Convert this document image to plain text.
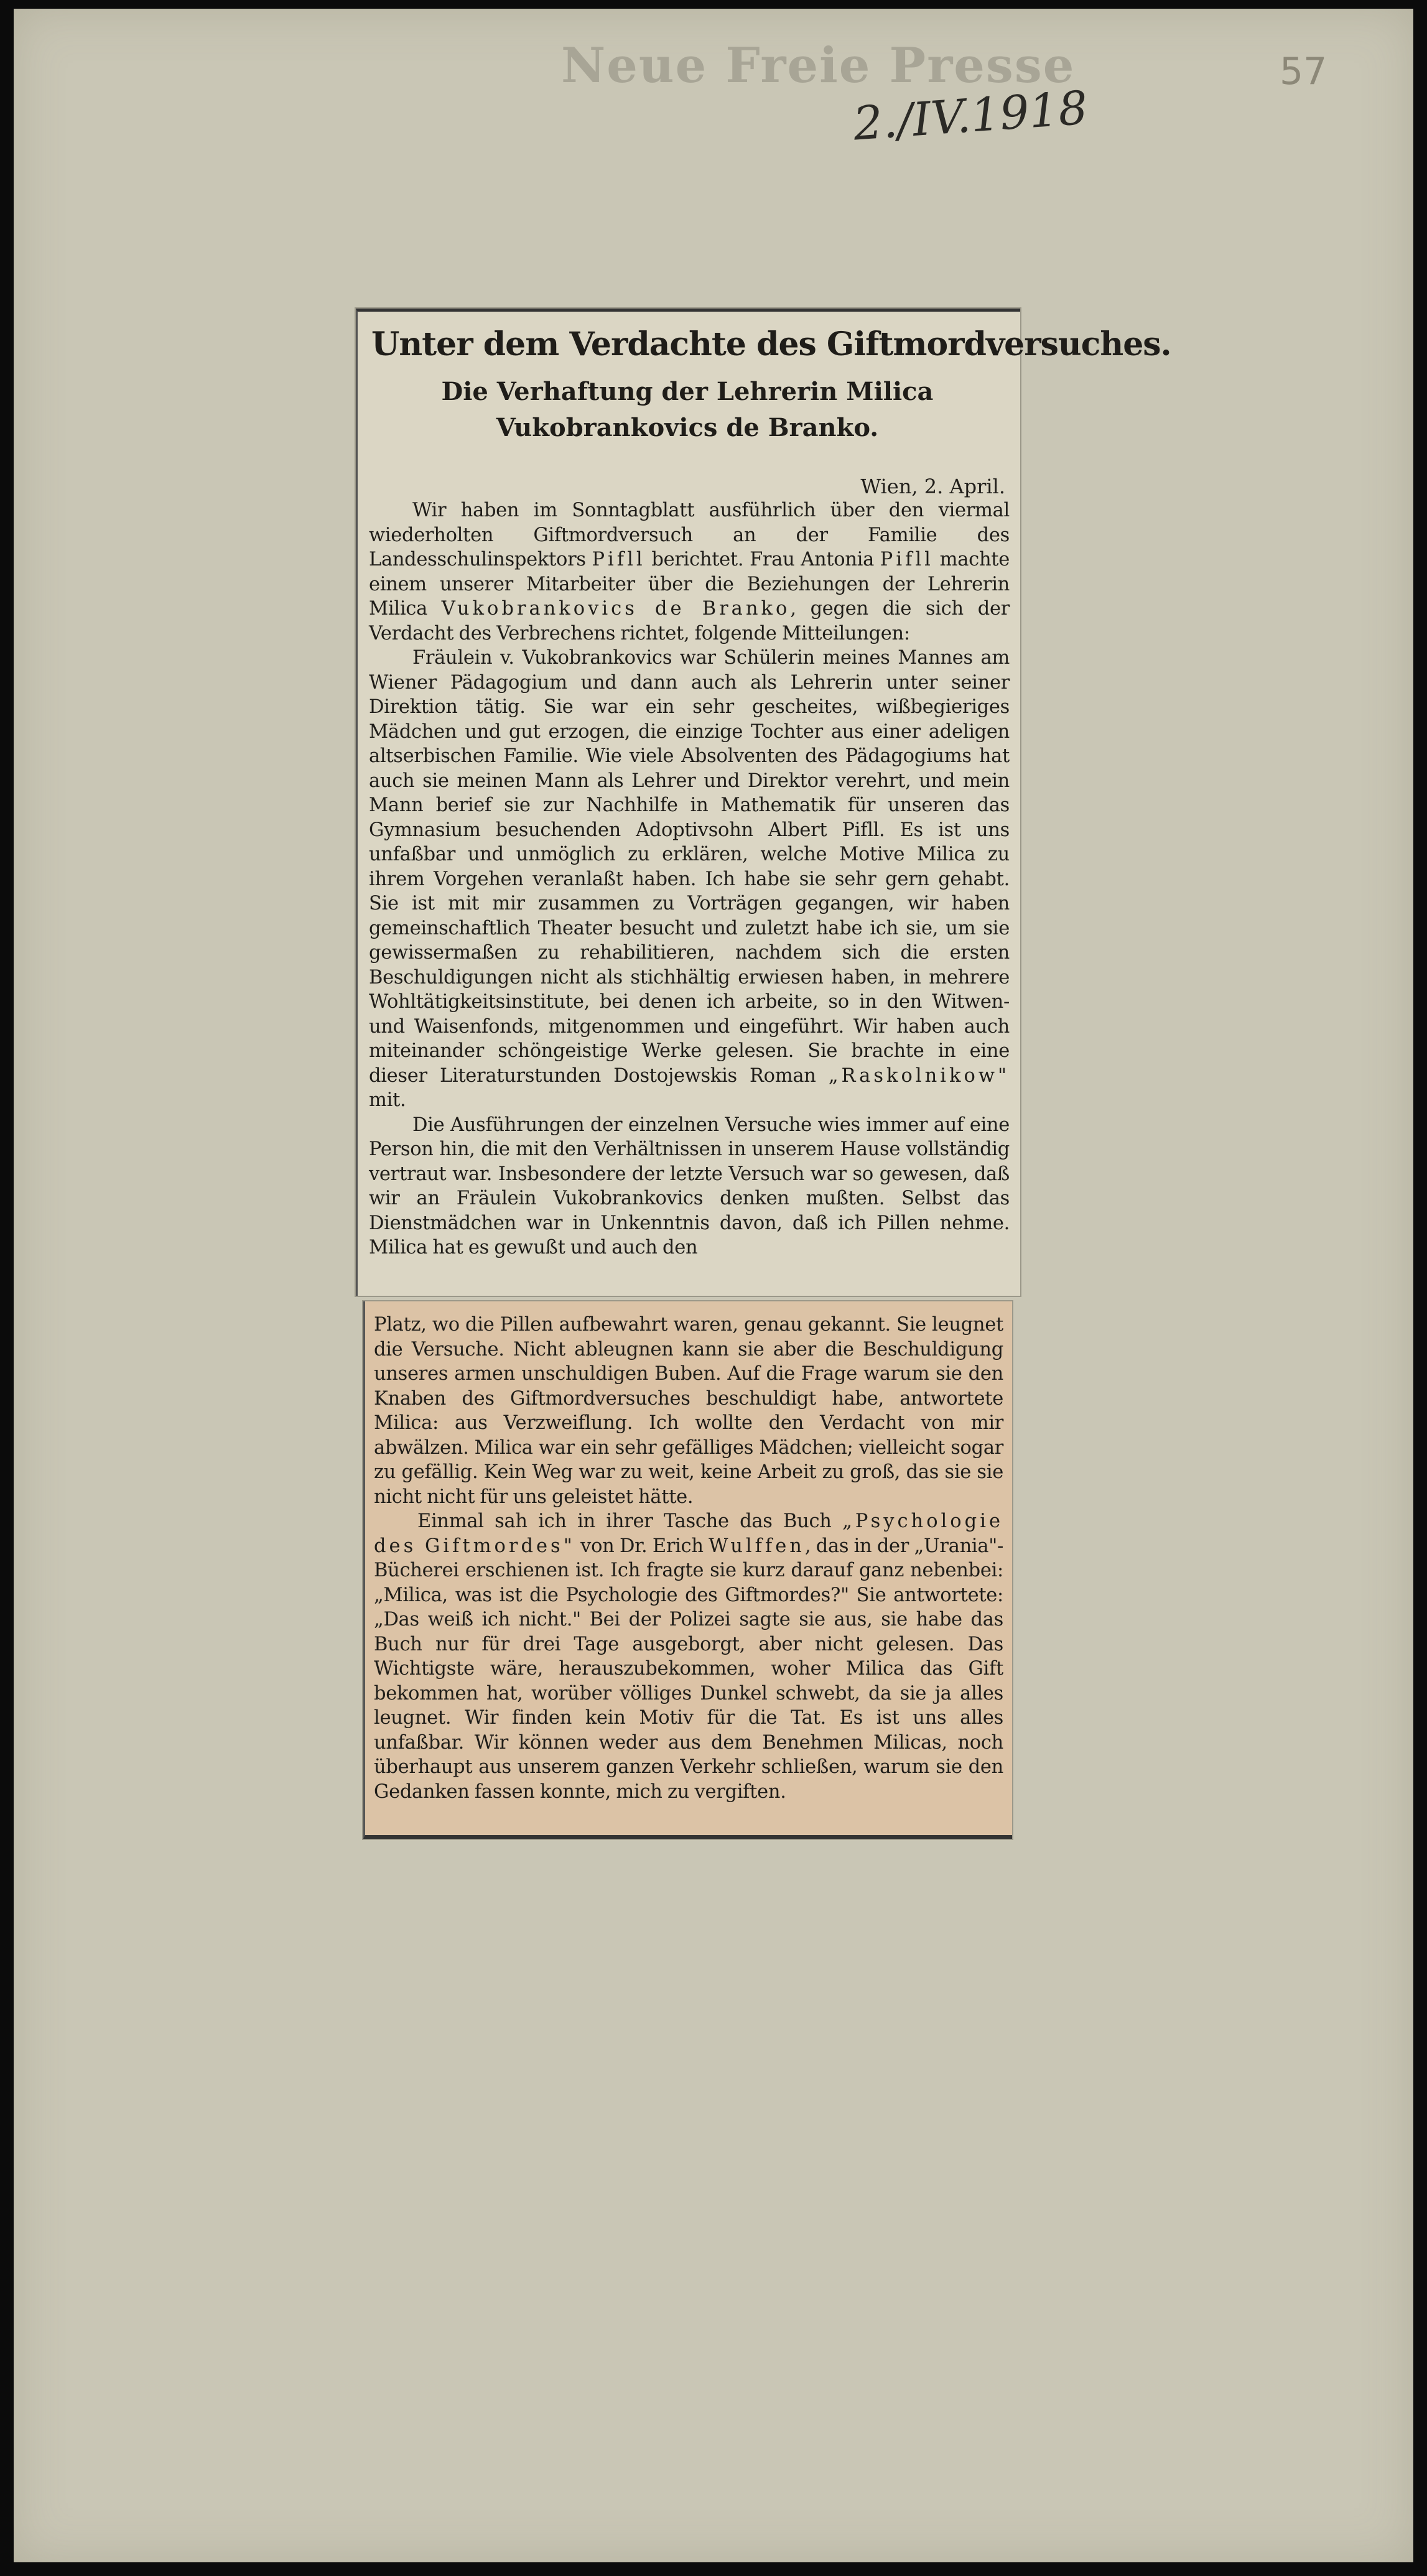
Neue Freie Presse	57
2./IV.1918
Unter dem Verdachte des Giftmordversuches.
Die Verhaftung der Lehrerin Milica Vukobrankovics de Branko.
Wien, 2. April.

Wir haben im Sonntagblatt ausführlich über den viermal wiederholten Giftmordversuch an der Familie des Landesschulinspektors Pifll berichtet. Frau Antonia Pifll machte einem unserer Mitarbeiter über die Beziehungen der Lehrerin Milica Vukobrankovics de Branko, gegen die sich der Verdacht des Verbrechens richtet, folgende Mitteilungen:

Fräulein v. Vukobrankovics war Schülerin meines Mannes am Wiener Pädagogium und dann auch als Lehrerin unter seiner Direktion tätig. Sie war ein sehr gescheites, wißbegieriges Mädchen und gut erzogen, die einzige Tochter aus einer adeligen altserbischen Familie. Wie viele Absolventen des Pädagogiums hat auch sie meinen Mann als Lehrer und Direktor verehrt, und mein Mann berief sie zur Nachhilfe in Mathematik für unseren das Gymnasium besuchenden Adoptivsohn Albert Pifll. Es ist uns unfaßbar und unmöglich zu erklären, welche Motive Milica zu ihrem Vorgehen veranlaßt haben. Ich habe sie sehr gern gehabt. Sie ist mit mir zusammen zu Vorträgen gegangen, wir haben gemeinschaftlich Theater besucht und zuletzt habe ich sie, um sie gewissermaßen zu rehabilitieren, nachdem sich die ersten Beschuldigungen nicht als stichhältig erwiesen haben, in mehrere Wohltätigkeitsinstitute, bei denen ich arbeite, so in den Witwen- und Waisenfonds, mitgenommen und eingeführt. Wir haben auch miteinander schöngeistige Werke gelesen. Sie brachte in eine dieser Literaturstunden Dostojewskis Roman „Raskolnikow" mit.

Die Ausführungen der einzelnen Versuche wies immer auf eine Person hin, die mit den Verhältnissen in unserem Hause vollständig vertraut war. Insbesondere der letzte Versuch war so gewesen, daß wir an Fräulein Vukobrankovics denken mußten. Selbst das Dienstmädchen war in Unkenntnis davon, daß ich Pillen nehme. Milica hat es gewußt und auch den

Platz, wo die Pillen aufbewahrt waren, genau gekannt. Sie leugnet die Versuche. Nicht ableugnen kann sie aber die Beschuldigung unseres armen unschuldigen Buben. Auf die Frage warum sie den Knaben des Giftmordversuches beschuldigt habe, antwortete Milica: aus Verzweiflung. Ich wollte den Verdacht von mir abwälzen. Milica war ein sehr gefälliges Mädchen; vielleicht sogar zu gefällig. Kein Weg war zu weit, keine Arbeit zu groß, das sie sie nicht nicht für uns geleistet hätte.

Einmal sah ich in ihrer Tasche das Buch „Psychologie des Giftmordes" von Dr. Erich Wulffen, das in der „Urania"-Bücherei erschienen ist. Ich fragte sie kurz darauf ganz nebenbei: „Milica, was ist die Psychologie des Giftmordes?" Sie antwortete: „Das weiß ich nicht." Bei der Polizei sagte sie aus, sie habe das Buch nur für drei Tage ausgeborgt, aber nicht gelesen. Das Wichtigste wäre, herauszubekommen, woher Milica das Gift bekommen hat, worüber völliges Dunkel schwebt, da sie ja alles leugnet. Wir finden kein Motiv für die Tat. Es ist uns alles unfaßbar. Wir können weder aus dem Benehmen Milicas, noch überhaupt aus unserem ganzen Verkehr schließen, warum sie den Gedanken fassen konnte, mich zu vergiften.
